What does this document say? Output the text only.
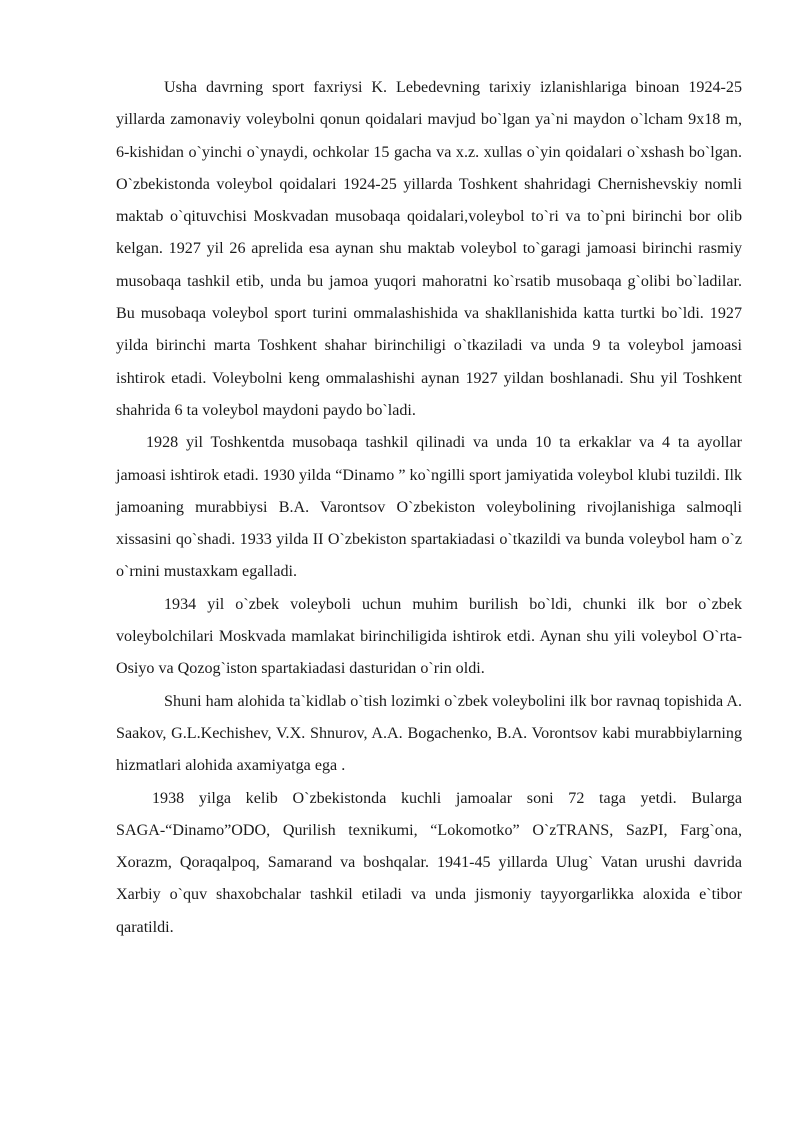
Usha davrning sport faxriysi K. Lebedevning tarixiy izlanishlariga binoan 1924-25 yillarda zamonaviy voleybolni qonun qoidalari mavjud bo`lgan ya`ni maydon o`lcham 9x18 m, 6-kishidan o`yinchi o`ynaydi, ochkolar 15 gacha va x.z. xullas o`yin qoidalari o`xshash bo`lgan. O`zbekistonda voleybol qoidalari 1924-25 yillarda Toshkent shahridagi Chernishevskiy nomli maktab o`qituvchisi Moskvadan musobaqa qoidalari,voleybol to`ri va to`pni birinchi bor olib kelgan. 1927 yil 26 aprelida esa aynan shu maktab voleybol to`garagi jamoasi birinchi rasmiy musobaqa tashkil etib, unda bu jamoa yuqori mahoratni ko`rsatib musobaqa g`olibi bo`ladilar. Bu musobaqa voleybol sport turini ommalashishida va shakllanishida katta turtki bo`ldi. 1927 yilda birinchi marta Toshkent shahar birinchiligi o`tkaziladi va unda 9 ta voleybol jamoasi ishtirok etadi. Voleybolni keng ommalashishi aynan 1927 yildan boshlanadi. Shu yil Toshkent shahrida 6 ta voleybol maydoni paydo bo`ladi.

1928 yil Toshkentda musobaqa tashkil qilinadi va unda 10 ta erkaklar va 4 ta ayollar jamoasi ishtirok etadi. 1930 yilda “Dinamo ” ko`ngilli sport jamiyatida voleybol klubi tuzildi. Ilk jamoaning murabbiysi B.A. Varontsov O`zbekiston voleybolining rivojlanishiga salmoqli xissasini qo`shadi. 1933 yilda II O`zbekiston spartakiadasi o`tkazildi va bunda voleybol ham o`z o`rnini mustaxkam egalladi.

1934 yil o`zbek voleyboli uchun muhim burilish bo`ldi, chunki ilk bor o`zbek voleybolchilari Moskvada mamlakat birinchiligida ishtirok etdi. Aynan shu yili voleybol O`rta-Osiyo va Qozog`iston spartakiadasi dasturidan o`rin oldi.

Shuni ham alohida ta`kidlab o`tish lozimki o`zbek voleybolini ilk bor ravnaq topishida A. Saakov, G.L.Kechishev, V.X. Shnurov, A.A. Bogachenko, B.A. Vorontsov kabi murabbiylarning hizmatlari alohida axamiyatga ega .

1938 yilga kelib O`zbekistonda kuchli jamoalar soni 72 taga yetdi. Bularga SAGA-“Dinamo”ODO, Qurilish texnikumi, “Lokomotko” O`zTRANS, SazPI, Farg`ona, Xorazm, Qoraqalpoq, Samarand va boshqalar. 1941-45 yillarda Ulug` Vatan urushi davrida Xarbiy o`quv shaxobchalar tashkil etiladi va unda jismoniy tayyorgarlikka aloxida e`tibor qaratildi.
